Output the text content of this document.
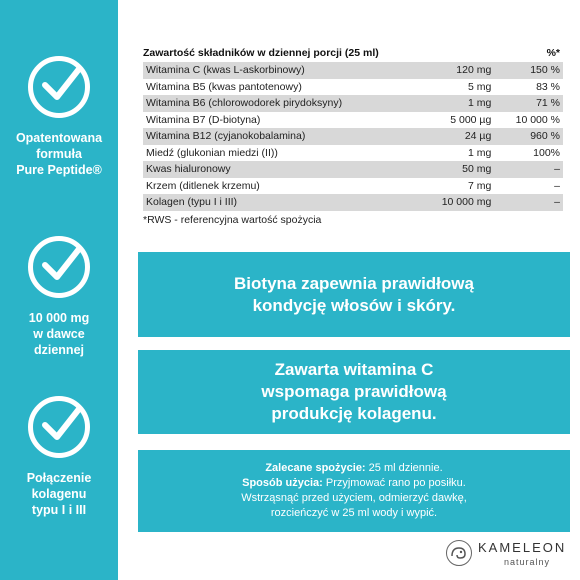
Opatentowana
formuła
Pure Peptide®
10 000 mg
w dawce
dziennej
Połączenie
kolagenu
typu I i III
Zawartość składników w dziennej porcji (25 ml)		%*
Witamina C (kwas L-askorbinowy)	120 mg	150 %
Witamina B5 (kwas pantotenowy)	5 mg	83 %
Witamina B6 (chlorowodorek pirydoksyny)	1 mg	71 %
Witamina B7 (D-biotyna)	5 000 µg	10 000 %
Witamina B12 (cyjanokobalamina)	24 µg	960 %
Miedź (glukonian miedzi (II))	1 mg	100%
Kwas hialuronowy	50 mg	–
Krzem (ditlenek krzemu)	7 mg	–
Kolagen (typu I i III)	10 000 mg	–
*RWS - referencyjna wartość spożycia
Biotyna zapewnia prawidłową
kondycję włosów i skóry.
Zawarta witamina C
wspomaga prawidłową
produkcję kolagenu.
Zalecane spożycie: 25 ml dziennie.
Sposób użycia: Przyjmować rano po posiłku.
Wstrząsnąć przed użyciem, odmierzyć dawkę,
rozcieńczyć w 25 ml wody i wypić.
KAMELEON
naturalny
